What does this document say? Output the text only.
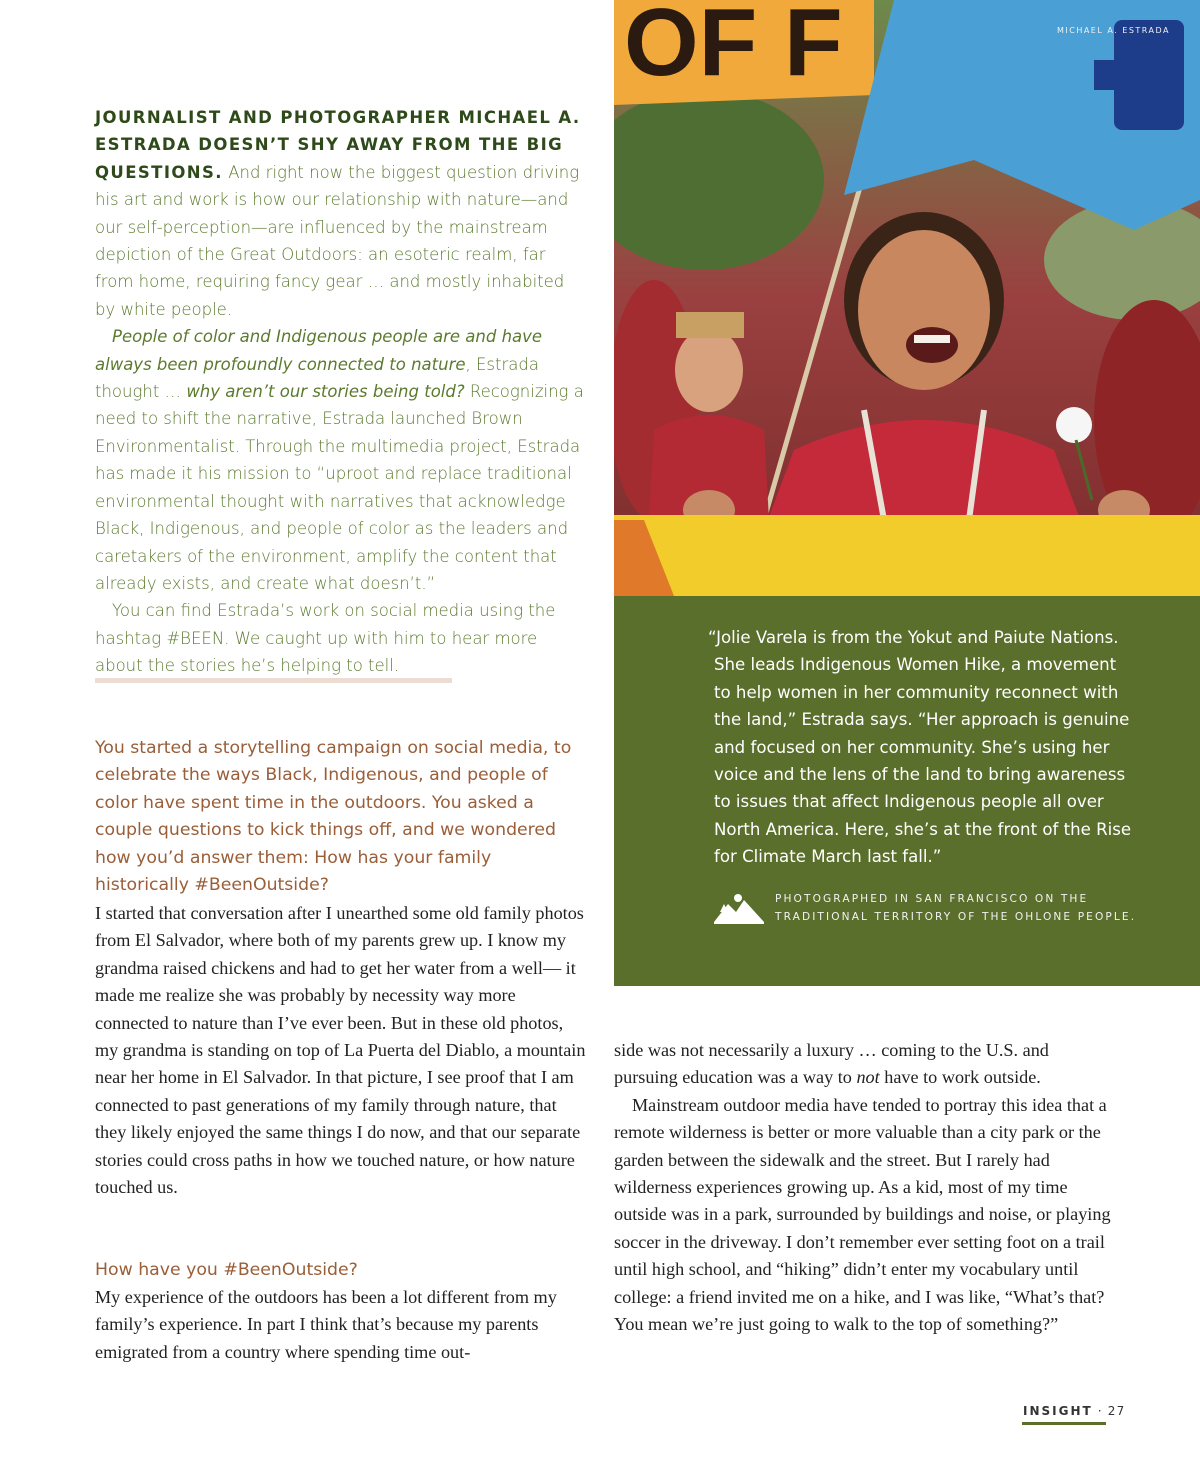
JOURNALIST AND PHOTOGRAPHER MICHAEL A. ESTRADA DOESN’T SHY AWAY FROM THE BIG QUESTIONS. And right now the biggest question driving his art and work is how our relationship with nature—and our self-perception—are influenced by the mainstream depiction of the Great Outdoors: an esoteric realm, far from home, requiring fancy gear … and mostly inhabited by white people.

People of color and Indigenous people are and have always been profoundly connected to nature, Estrada thought … why aren’t our stories being told? Recognizing a need to shift the narrative, Estrada launched Brown Environmentalist. Through the multimedia project, Estrada has made it his mission to “uproot and replace traditional environmental thought with narratives that acknowledge Black, Indigenous, and people of color as the leaders and caretakers of the environment, amplify the content that already exists, and create what doesn’t.”

You can find Estrada’s work on social media using the hashtag #BEEN. We caught up with him to hear more about the stories he’s helping to tell.

You started a storytelling campaign on social media, to celebrate the ways Black, Indigenous, and people of color have spent time in the outdoors. You asked a couple questions to kick things off, and we wondered how you’d answer them: How has your family historically #BeenOutside?

I started that conversation after I unearthed some old family photos from El Salvador, where both of my parents grew up. I know my grandma raised chickens and had to get her water from a well— it made me realize she was probably by necessity way more connected to nature than I’ve ever been. But in these old photos, my grandma is standing on top of La Puerta del Diablo, a mountain near her home in El Salvador. In that picture, I see proof that I am connected to past generations of my family through nature, that they likely enjoyed the same things I do now, and that our separate stories could cross paths in how we touched nature, or how nature touched us.

How have you #BeenOutside?

My experience of the outdoors has been a lot different from my family’s experience. In part I think that’s because my parents emigrated from a country where spending time out-

side was not necessarily a luxury … coming to the U.S. and pursuing education was a way to not have to work outside.

Mainstream outdoor media have tended to portray this idea that a remote wilderness is better or more valuable than a city park or the garden between the sidewalk and the street. But I rarely had wilderness experiences growing up. As a kid, most of my time outside was in a park, surrounded by buildings and noise, or playing soccer in the driveway. I don’t remember ever setting foot on a trail until high school, and “hiking” didn’t enter my vocabulary until college: a friend invited me on a hike, and I was like, “What’s that? You mean we’re just going to walk to the top of something?”

OF F	MICHAEL A. ESTRADA

“Jolie Varela is from the Yokut and Paiute Nations. She leads Indigenous Women Hike, a movement to help women in her community reconnect with the land,” Estrada says. “Her approach is genuine and focused on her community. She’s using her voice and the lens of the land to bring awareness to issues that affect Indigenous people all over North America. Here, she’s at the front of the Rise for Climate March last fall.”

PHOTOGRAPHED IN SAN FRANCISCO ON THE
TRADITIONAL TERRITORY OF THE OHLONE PEOPLE.
INSIGHT · 27
